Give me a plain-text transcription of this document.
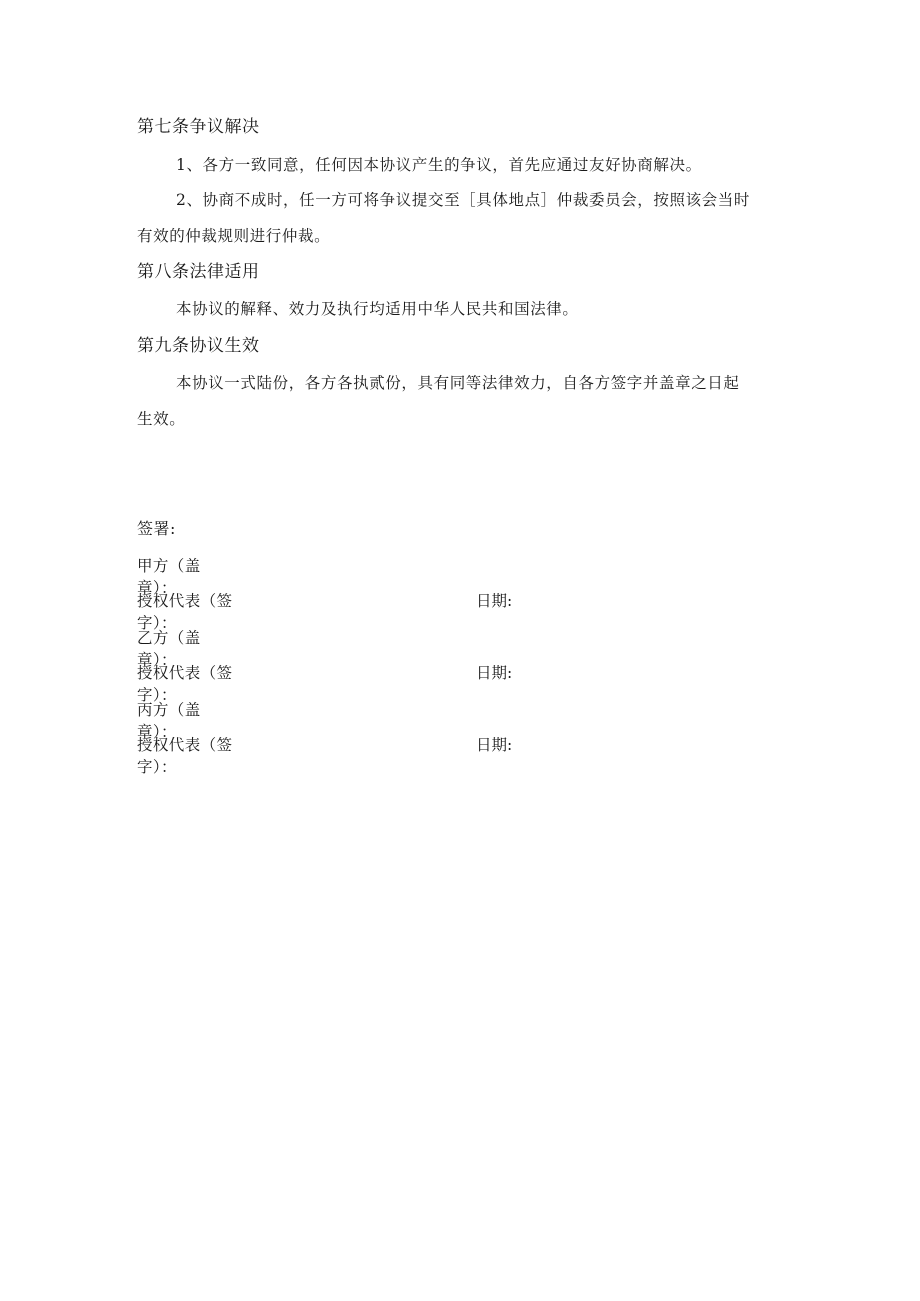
第七条争议解决
1、各方一致同意，任何因本协议产生的争议，首先应通过友好协商解决。
2、协商不成时，任一方可将争议提交至［具体地点］仲裁委员会，按照该会当时
有效的仲裁规则进行仲裁。
第八条法律适用
本协议的解释、效力及执行均适用中华人民共和国法律。
第九条协议生效
本协议一式陆份，各方各执贰份，具有同等法律效力，自各方签字并盖章之日起
生效。
签署:
甲方（盖章）：
授权代表（签字）：
日期:
乙方（盖章）：
授权代表（签字）：
日期:
丙方（盖章）：
授权代表（签字）：
日期:
